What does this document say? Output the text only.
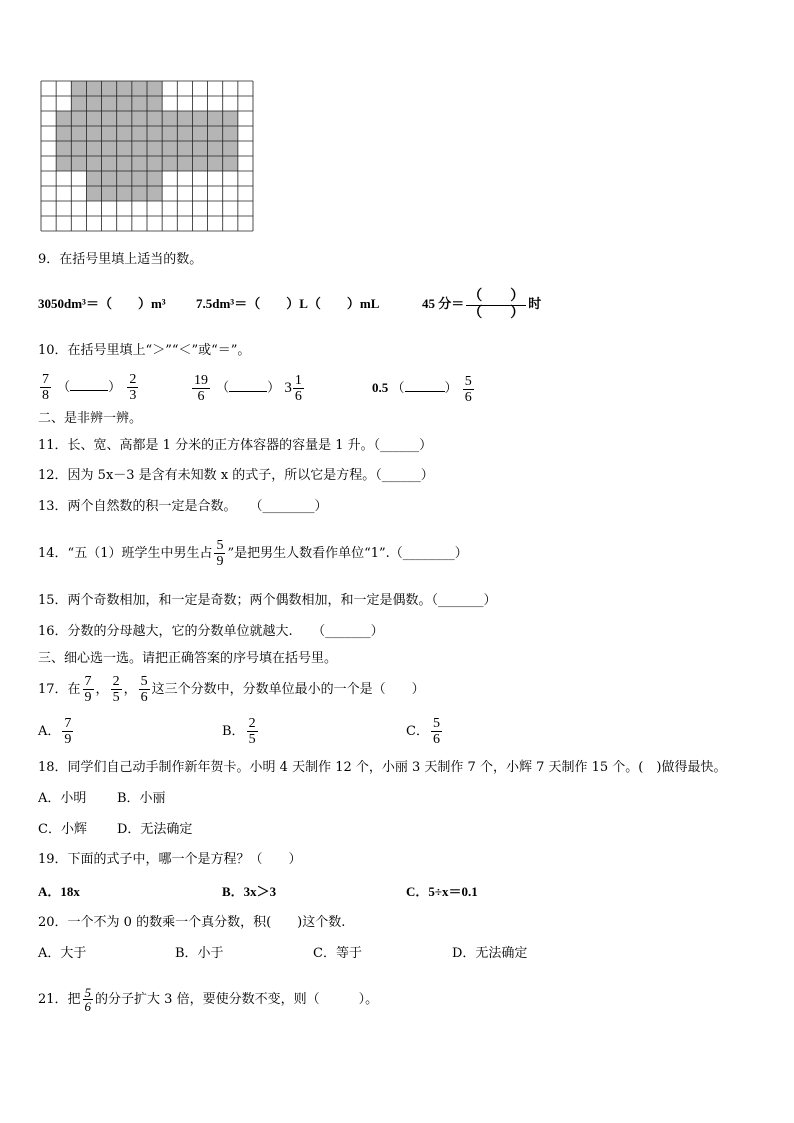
9．在括号里填上适当的数。
3050dm³＝（　　）m³ 7.5dm³＝（　　）L（　　）mL	45 分＝ （　　）
（　　）
时
10．在括号里填上“＞”“＜”或“＝”。
$\frac{7}{8}$ （	） $\frac{2}{3}$	$\frac{19}{6}$ （	） $3 \frac{1}{6}$	0.5 （	） $\frac{5}{6}$
二、是非辨一辨。
11．长、宽、高都是 1 分米的正方体容器的容量是 1 升。（______）
12．因为 5x－3 是含有未知数 x 的式子，所以它是方程。（______）
13．两个自然数的积一定是合数。　　（________）
14．“五（1）班学生中男生占 $\frac{5}{9}$ ”是把男生人数看作单位“1”.（________）
15．两个奇数相加，和一定是奇数；两个偶数相加，和一定是偶数。（_______）
16．分数的分母越大，它的分数单位就越大.　　（_______）
三、细心选一选。请把正确答案的序号填在括号里。
17．在 $\frac{7}{9}$ ， $\frac{2}{5}$ ， $\frac{5}{6}$ 这三个分数中，分数单位最小的一个是（　　）
A． $\frac{7}{9}$	B． $\frac{2}{5}$	C． $\frac{5}{6}$
18．同学们自己动手制作新年贺卡。小明 4 天制作 12 个，小丽 3 天制作 7 个，小辉 7 天制作 15 个。(　)做得最快。
A．小明 B．小丽
C．小辉 D．无法确定
19．下面的式子中，哪一个是方程？（　　）
A．18x	B．3x＞3	C．5÷x＝0.1
20．一个不为 0 的数乘一个真分数，积(　　)这个数.
A．大于	B．小于	C．等于	D．无法确定
21．把 $\frac{5}{6}$ 的分子扩大 3 倍，要使分数不变，则（　　　）。
